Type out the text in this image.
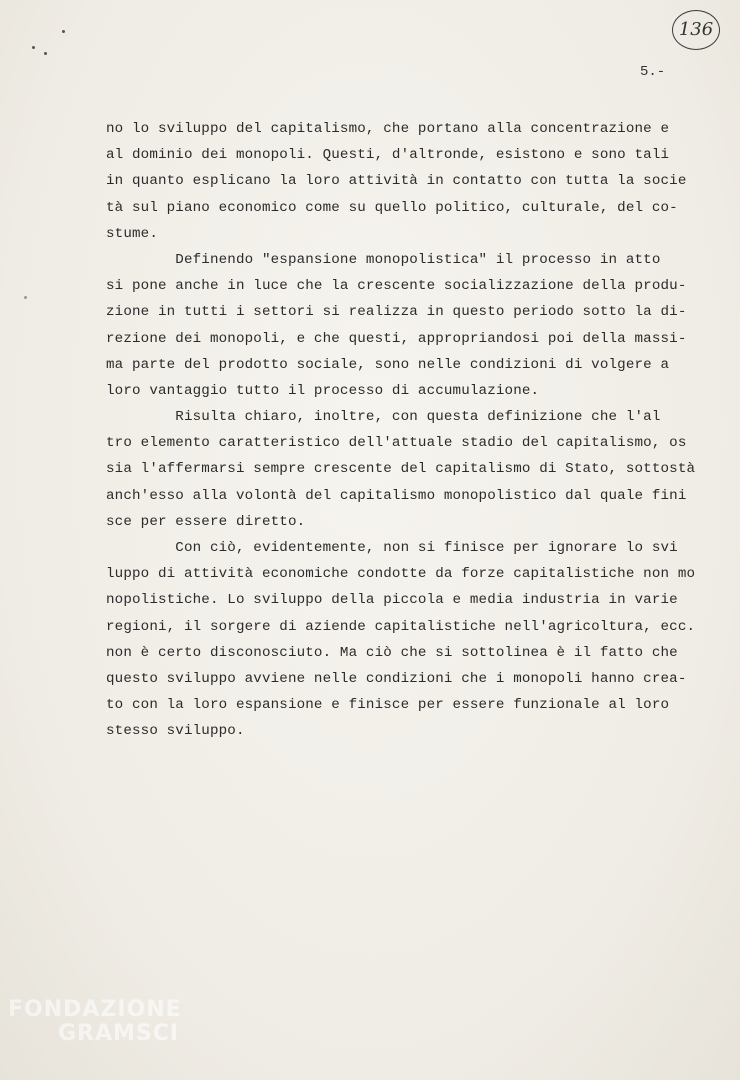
136
5.-
no lo sviluppo del capitalismo, che portano alla concentrazione e
al dominio dei monopoli. Questi, d'altronde, esistono e sono tali
in quanto esplicano la loro attività in contatto con tutta la socie
tà sul piano economico come su quello politico, culturale, del co-
stume.
Definendo "espansione monopolistica" il processo in atto
si pone anche in luce che la crescente socializzazione della produ-
zione in tutti i settori si realizza in questo periodo sotto la di-
rezione dei monopoli, e che questi, appropriandosi poi della massi-
ma parte del prodotto sociale, sono nelle condizioni di volgere a
loro vantaggio tutto il processo di accumulazione.
Risulta chiaro, inoltre, con questa definizione che l'al
tro elemento caratteristico dell'attuale stadio del capitalismo, os
sia l'affermarsi sempre crescente del capitalismo di Stato, sottostà
anch'esso alla volontà del capitalismo monopolistico dal quale fini
sce per essere diretto.
Con ciò, evidentemente, non si finisce per ignorare lo svi
luppo di attività economiche condotte da forze capitalistiche non mo
nopolistiche. Lo sviluppo della piccola e media industria in varie
regioni, il sorgere di aziende capitalistiche nell'agricoltura, ecc.
non è certo disconosciuto. Ma ciò che si sottolinea è il fatto che
questo sviluppo avviene nelle condizioni che i monopoli hanno crea-
to con la loro espansione e finisce per essere funzionale al loro
stesso sviluppo.
FONDAZIONE
GRAMSCI
